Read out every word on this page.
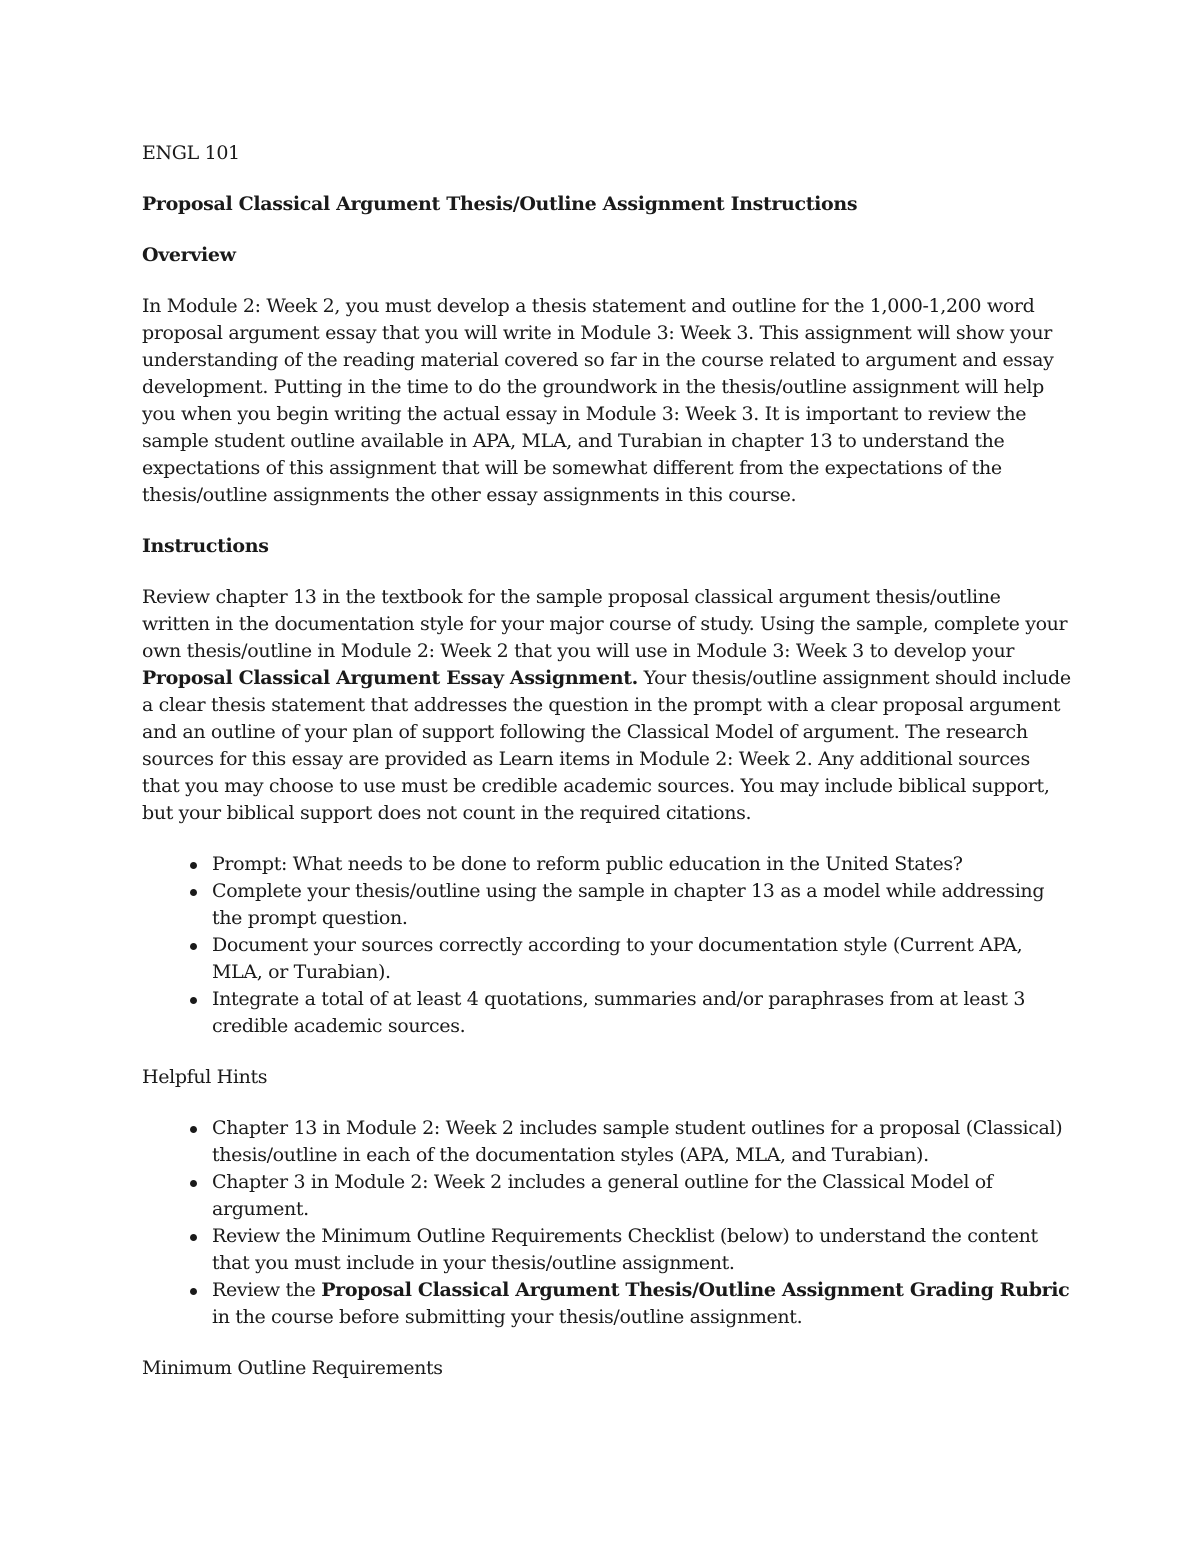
ENGL 101

Proposal Classical Argument Thesis/Outline Assignment Instructions

Overview

In Module 2: Week 2, you must develop a thesis statement and outline for the 1,000-1,200 word proposal argument essay that you will write in Module 3: Week 3. This assignment will show your understanding of the reading material covered so far in the course related to argument and essay development. Putting in the time to do the groundwork in the thesis/outline assignment will help you when you begin writing the actual essay in Module 3: Week 3. It is important to review the sample student outline available in APA, MLA, and Turabian in chapter 13 to understand the expectations of this assignment that will be somewhat different from the expectations of the thesis/outline assignments the other essay assignments in this course.

Instructions

Review chapter 13 in the textbook for the sample proposal classical argument thesis/outline written in the documentation style for your major course of study. Using the sample, complete your own thesis/outline in Module 2: Week 2 that you will use in Module 3: Week 3 to develop your Proposal Classical Argument Essay Assignment. Your thesis/outline assignment should include a clear thesis statement that addresses the question in the prompt with a clear proposal argument and an outline of your plan of support following the Classical Model of argument. The research sources for this essay are provided as Learn items in Module 2: Week 2. Any additional sources that you may choose to use must be credible academic sources. You may include biblical support, but your biblical support does not count in the required citations.

Prompt: What needs to be done to reform public education in the United States?
Complete your thesis/outline using the sample in chapter 13 as a model while addressing the prompt question.
Document your sources correctly according to your documentation style (Current APA, MLA, or Turabian).
Integrate a total of at least 4 quotations, summaries and/or paraphrases from at least 3 credible academic sources.

Helpful Hints

Chapter 13 in Module 2: Week 2 includes sample student outlines for a proposal (Classical) thesis/outline in each of the documentation styles (APA, MLA, and Turabian).
Chapter 3 in Module 2: Week 2 includes a general outline for the Classical Model of argument.
Review the Minimum Outline Requirements Checklist (below) to understand the content that you must include in your thesis/outline assignment.
Review the Proposal Classical Argument Thesis/Outline Assignment Grading Rubric in the course before submitting your thesis/outline assignment.

Minimum Outline Requirements
